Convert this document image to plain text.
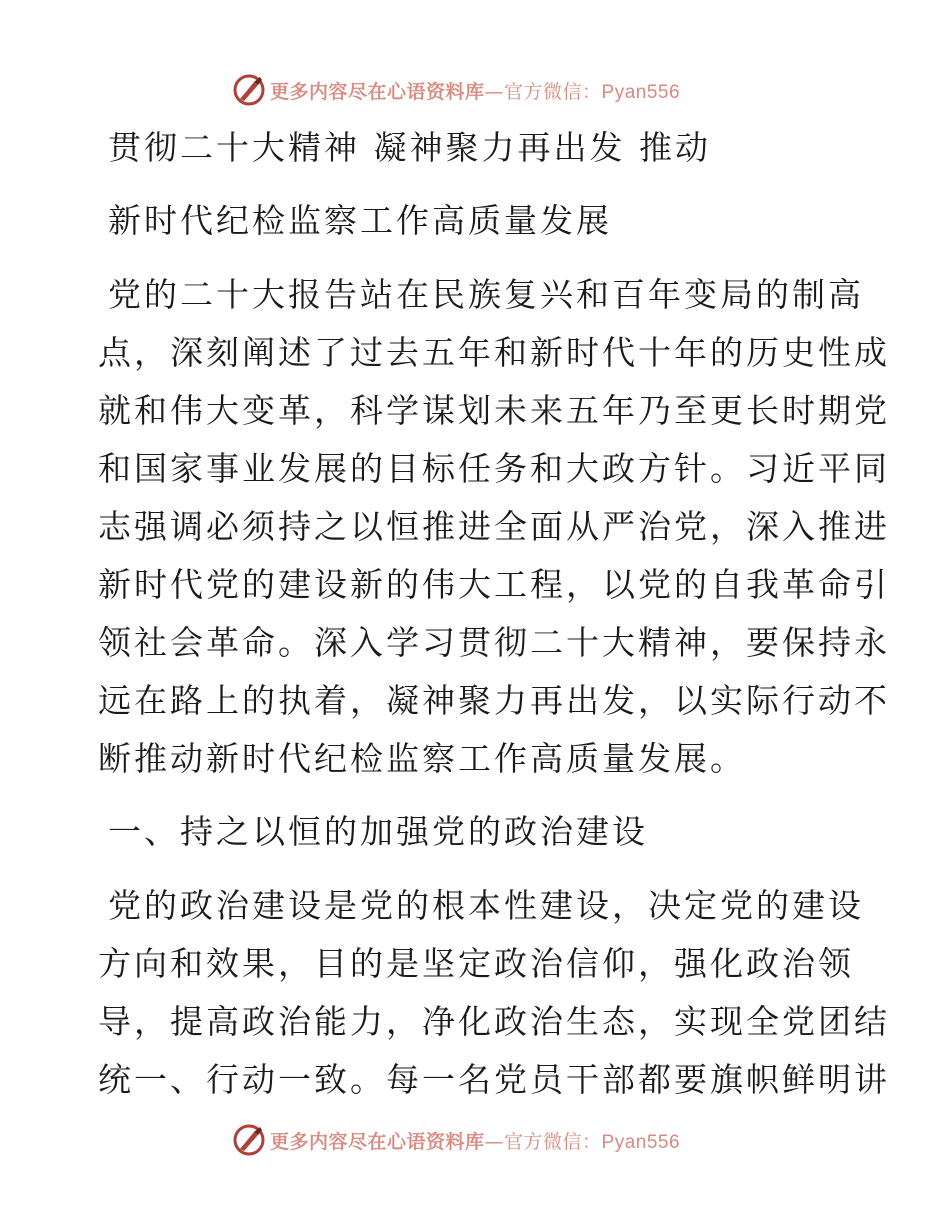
更多内容尽在心语资料库—官方微信：Pyan556
贯彻二十大精神 凝神聚力再出发 推动
新时代纪检监察工作高质量发展
党的二十大报告站在民族复兴和百年变局的制高
点，深刻阐述了过去五年和新时代十年的历史性成
就和伟大变革，科学谋划未来五年乃至更长时期党
和国家事业发展的目标任务和大政方针。习近平同
志强调必须持之以恒推进全面从严治党，深入推进
新时代党的建设新的伟大工程，以党的自我革命引
领社会革命。深入学习贯彻二十大精神，要保持永
远在路上的执着，凝神聚力再出发，以实际行动不
断推动新时代纪检监察工作高质量发展。
一、持之以恒的加强党的政治建设
党的政治建设是党的根本性建设，决定党的建设
方向和效果，目的是坚定政治信仰，强化政治领
导，提高政治能力，净化政治生态，实现全党团结
统一、行动一致。每一名党员干部都要旗帜鲜明讲
更多内容尽在心语资料库—官方微信：Pyan556
